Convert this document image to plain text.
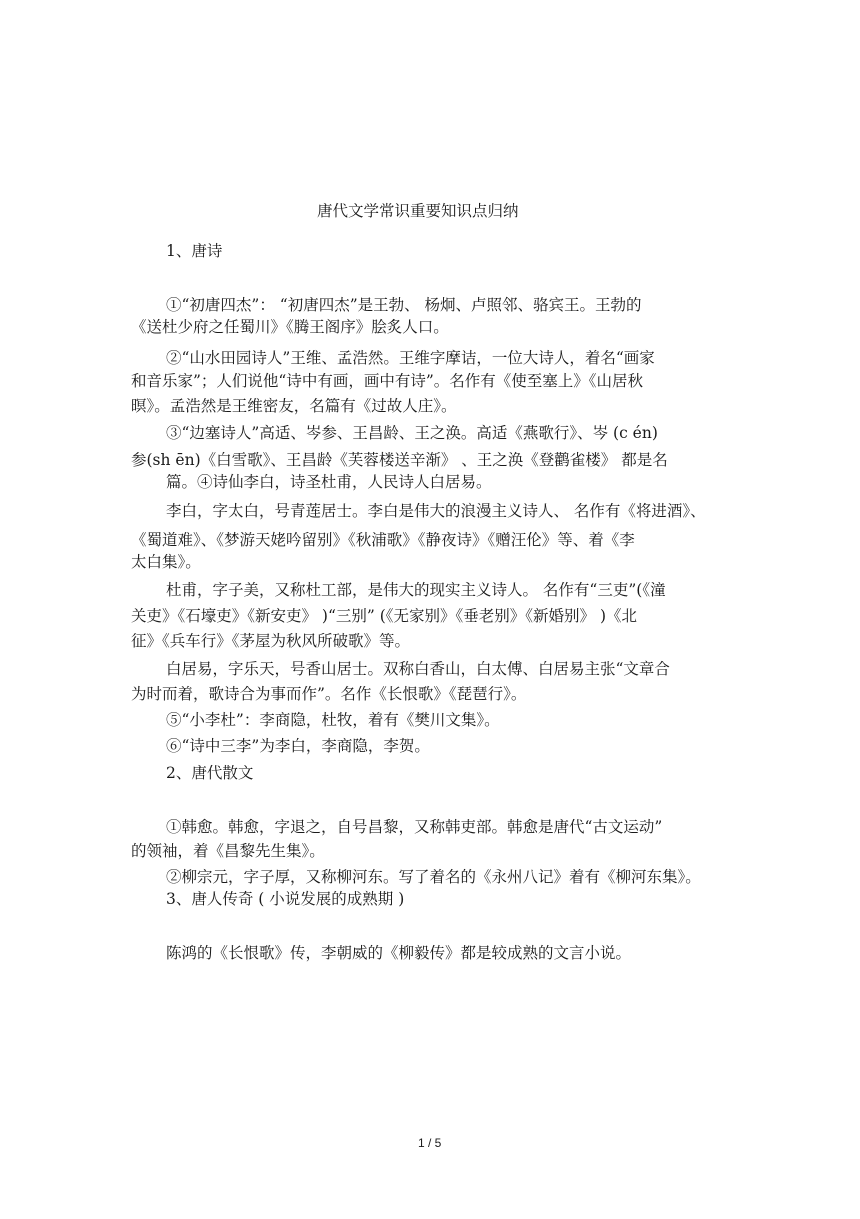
唐代文学常识重要知识点归纳
1、唐诗
①“初唐四杰”： “初唐四杰”是王勃、 杨炯、卢照邻、骆宾王。王勃的
《送杜少府之任蜀川》《腾王阁序》脍炙人口。
②“山水田园诗人”王维、孟浩然。王维字摩诘，一位大诗人，着名“画家
和音乐家”；人们说他“诗中有画，画中有诗”。名作有《使至塞上》《山居秋
暝》。孟浩然是王维密友，名篇有《过故人庄》。
③“边塞诗人”高适、岑参、王昌龄、王之涣。高适《燕歌行》、岑 (c én)
参(sh ēn)《白雪歌》、王昌龄《芙蓉楼送辛渐》 、王之涣《登鹳雀楼》 都是名
篇。④诗仙李白，诗圣杜甫，人民诗人白居易。
李白，字太白，号青莲居士。李白是伟大的浪漫主义诗人、 名作有《将进酒》、
《蜀道难》、《梦游天姥吟留别》《秋浦歌》《静夜诗》《赠汪伦》等、着《李
太白集》。
杜甫，字子美，又称杜工部，是伟大的现实主义诗人。 名作有“三吏”(《潼
关吏》《石壕吏》《新安吏》 )“三别” (《无家别》《垂老别》《新婚别》 )《北
征》《兵车行》《茅屋为秋风所破歌》等。
白居易，字乐天，号香山居士。双称白香山，白太傅、白居易主张“文章合
为时而着，歌诗合为事而作”。名作《长恨歌》《琵琶行》。
⑤“小李杜”：李商隐，杜牧，着有《樊川文集》。
⑥“诗中三李”为李白，李商隐，李贺。
2、唐代散文
①韩愈。韩愈，字退之，自号昌黎，又称韩吏部。韩愈是唐代“古文运动”
的领袖，着《昌黎先生集》。
②柳宗元，字子厚，又称柳河东。写了着名的《永州八记》着有《柳河东集》。
3、唐人传奇 ( 小说发展的成熟期 )
陈鸿的《长恨歌》传，李朝威的《柳毅传》都是较成熟的文言小说。
1 / 5
